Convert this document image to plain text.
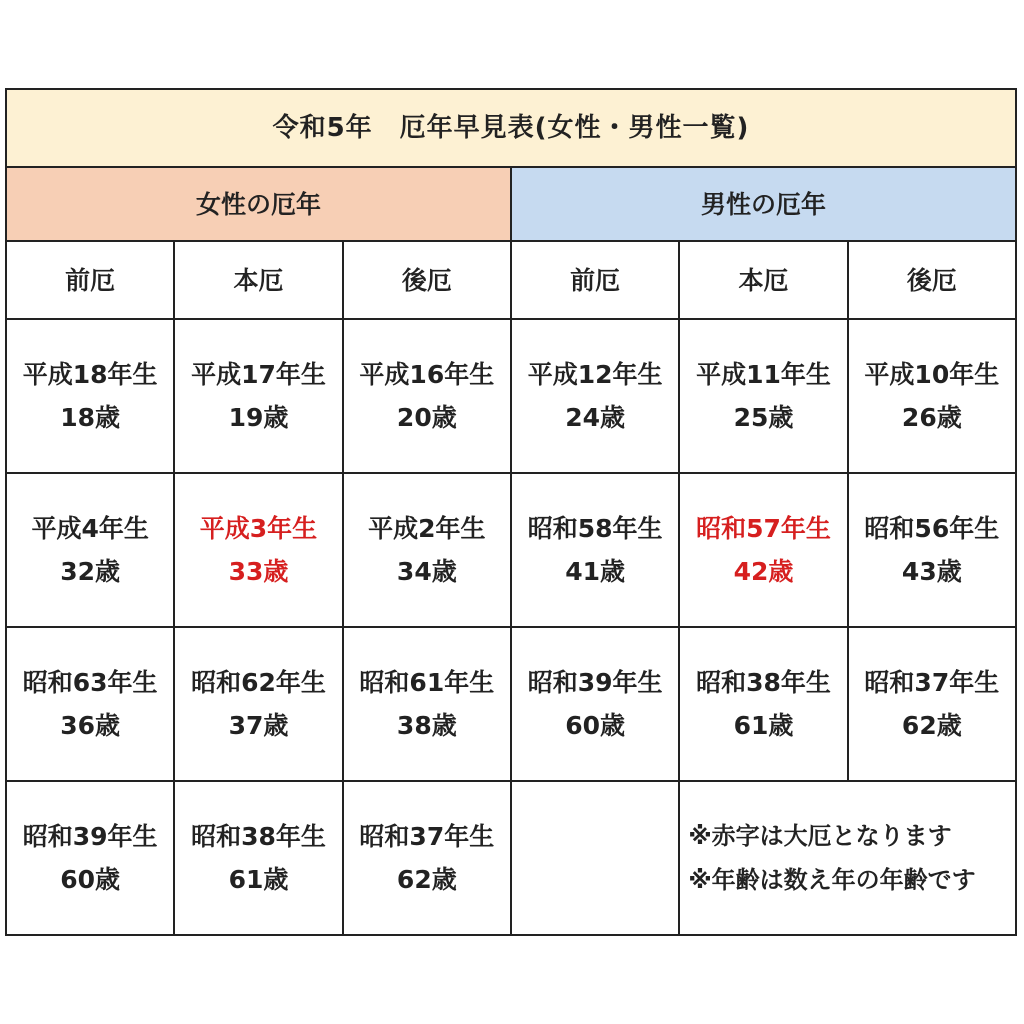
令和5年　厄年早見表(女性・男性一覧)					
女性の厄年			男性の厄年		
前厄	本厄	後厄	前厄	本厄	後厄

平成18年生
18歳	平成17年生
19歳	平成16年生
20歳	平成12年生
24歳	平成11年生
25歳	平成10年生
26歳

平成4年生
32歳	平成3年生
33歳	平成2年生
34歳	昭和58年生
41歳	昭和57年生
42歳	昭和56年生
43歳

昭和63年生
36歳	昭和62年生
37歳	昭和61年生
38歳	昭和39年生
60歳	昭和38年生
61歳	昭和37年生
62歳

昭和39年生
60歳	昭和38年生
61歳	昭和37年生
62歳		※赤字は大厄となります
※年齢は数え年の年齢です	
